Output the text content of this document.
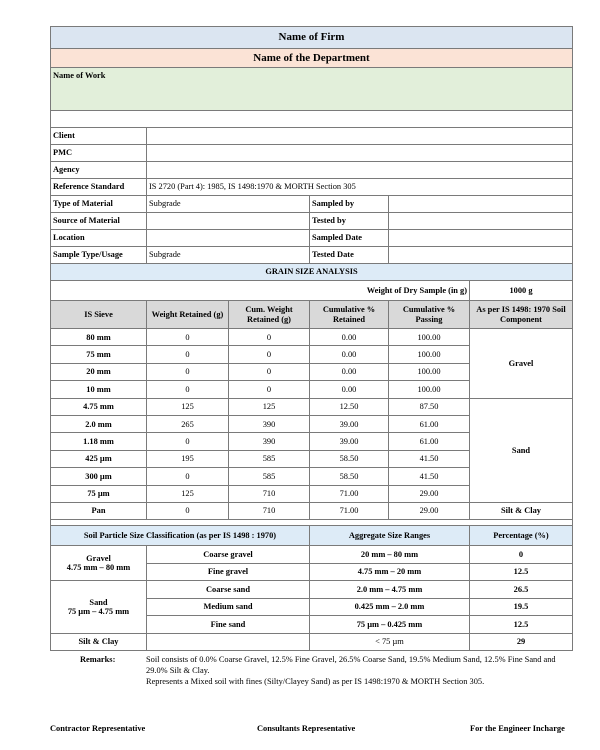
Name of Firm					
Name of the Department					
Name of Work					

Client					
PMC					
Agency					
Reference Standard	IS 2720 (Part 4): 1985, IS 1498:1970 & MORTH Section 305				
Type of Material	Subgrade		Sampled by		
Source of Material			Tested by		
Location			Sampled Date		
Sample Type/Usage	Subgrade		Tested Date		
GRAIN SIZE ANALYSIS					
Weight of Dry Sample (in g)					1000 g
IS Sieve	Weight Retained (g)	Cum. Weight Retained (g)	Cumulative % Retained	Cumulative % Passing	As per IS 1498: 1970 Soil Component
80 mm	0	0	0.00	100.00	Gravel
75 mm	0	0	0.00	100.00	
20 mm	0	0	0.00	100.00	
10 mm	0	0	0.00	100.00	
4.75 mm	125	125	12.50	87.50	Sand
2.0 mm	265	390	39.00	61.00	
1.18 mm	0	390	39.00	61.00	
425 µm	195	585	58.50	41.50	
300 µm	0	585	58.50	41.50	
75 µm	125	710	71.00	29.00	
Pan	0	710	71.00	29.00	Silt & Clay

Soil Particle Size Classification (as per IS 1498 : 1970)			Aggregate Size Ranges		Percentage (%)

Gravel
4.75 mm – 80 mm	Coarse gravel		20 mm – 80 mm		0
	Fine gravel		4.75 mm – 20 mm		12.5

Sand
75 µm – 4.75 mm	Coarse sand		2.0 mm – 4.75 mm		26.5
	Medium sand		0.425 mm – 2.0 mm		19.5
	Fine sand		75 µm – 0.425 mm		12.5
Silt & Clay			< 75 µm		29
Remarks:	Soil consists of 0.0% Coarse Gravel, 12.5% Fine Gravel, 26.5% Coarse Sand, 19.5% Medium Sand, 12.5% Fine Sand and 29.0% Silt & Clay.
Represents a Mixed soil with fines (Silty/Clayey Sand) as per IS 1498:1970 & MORTH Section 305.
Contractor Representative	Consultants Representative	For the Engineer Incharge
